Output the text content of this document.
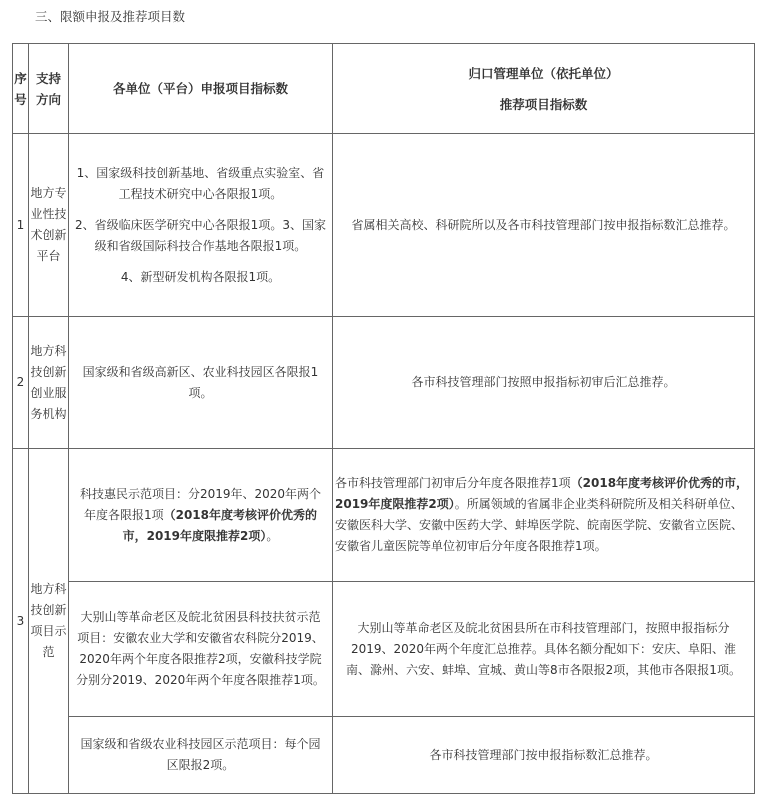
三、限额申报及推荐项目数
序号	支持方向	各单位（平台）申报项目指标数	归口管理单位（依托单位）

推荐项目指标数

1	地方专业性技术创新平台	1、国家级科技创新基地、省级重点实验室、省工程技术研究中心各限报1项。

2、省级临床医学研究中心各限报1项。3、国家级和省级国际科技合作基地各限报1项。

4、新型研发机构各限报1项。	省属相关高校、科研院所以及各市科技管理部门按申报指标数汇总推荐。
2	地方科技创新创业服务机构	国家级和省级高新区、农业科技园区各限报1项。	各市科技管理部门按照申报指标初审后汇总推荐。
3	地方科技创新项目示范	科技惠民示范项目：分2019年、2020年两个年度各限报1项（2018年度考核评价优秀的市，2019年度限推荐2项）。	各市科技管理部门初审后分年度各限推荐1项（2018年度考核评价优秀的市，2019年度限推荐2项）。所属领域的省属非企业类科研院所及相关科研单位、安徽医科大学、安徽中医药大学、蚌埠医学院、皖南医学院、安徽省立医院、安徽省儿童医院等单位初审后分年度各限推荐1项。
		大别山等革命老区及皖北贫困县科技扶贫示范项目：安徽农业大学和安徽省农科院分2019、2020年两个年度各限推荐2项，安徽科技学院分别分2019、2020年两个年度各限推荐1项。	大别山等革命老区及皖北贫困县所在市科技管理部门，按照申报指标分2019、2020年两个年度汇总推荐。具体名额分配如下：安庆、阜阳、淮南、滁州、六安、蚌埠、宣城、黄山等8市各限报2项，其他市各限报1项。
		国家级和省级农业科技园区示范项目：每个园区限报2项。	各市科技管理部门按申报指标数汇总推荐。
